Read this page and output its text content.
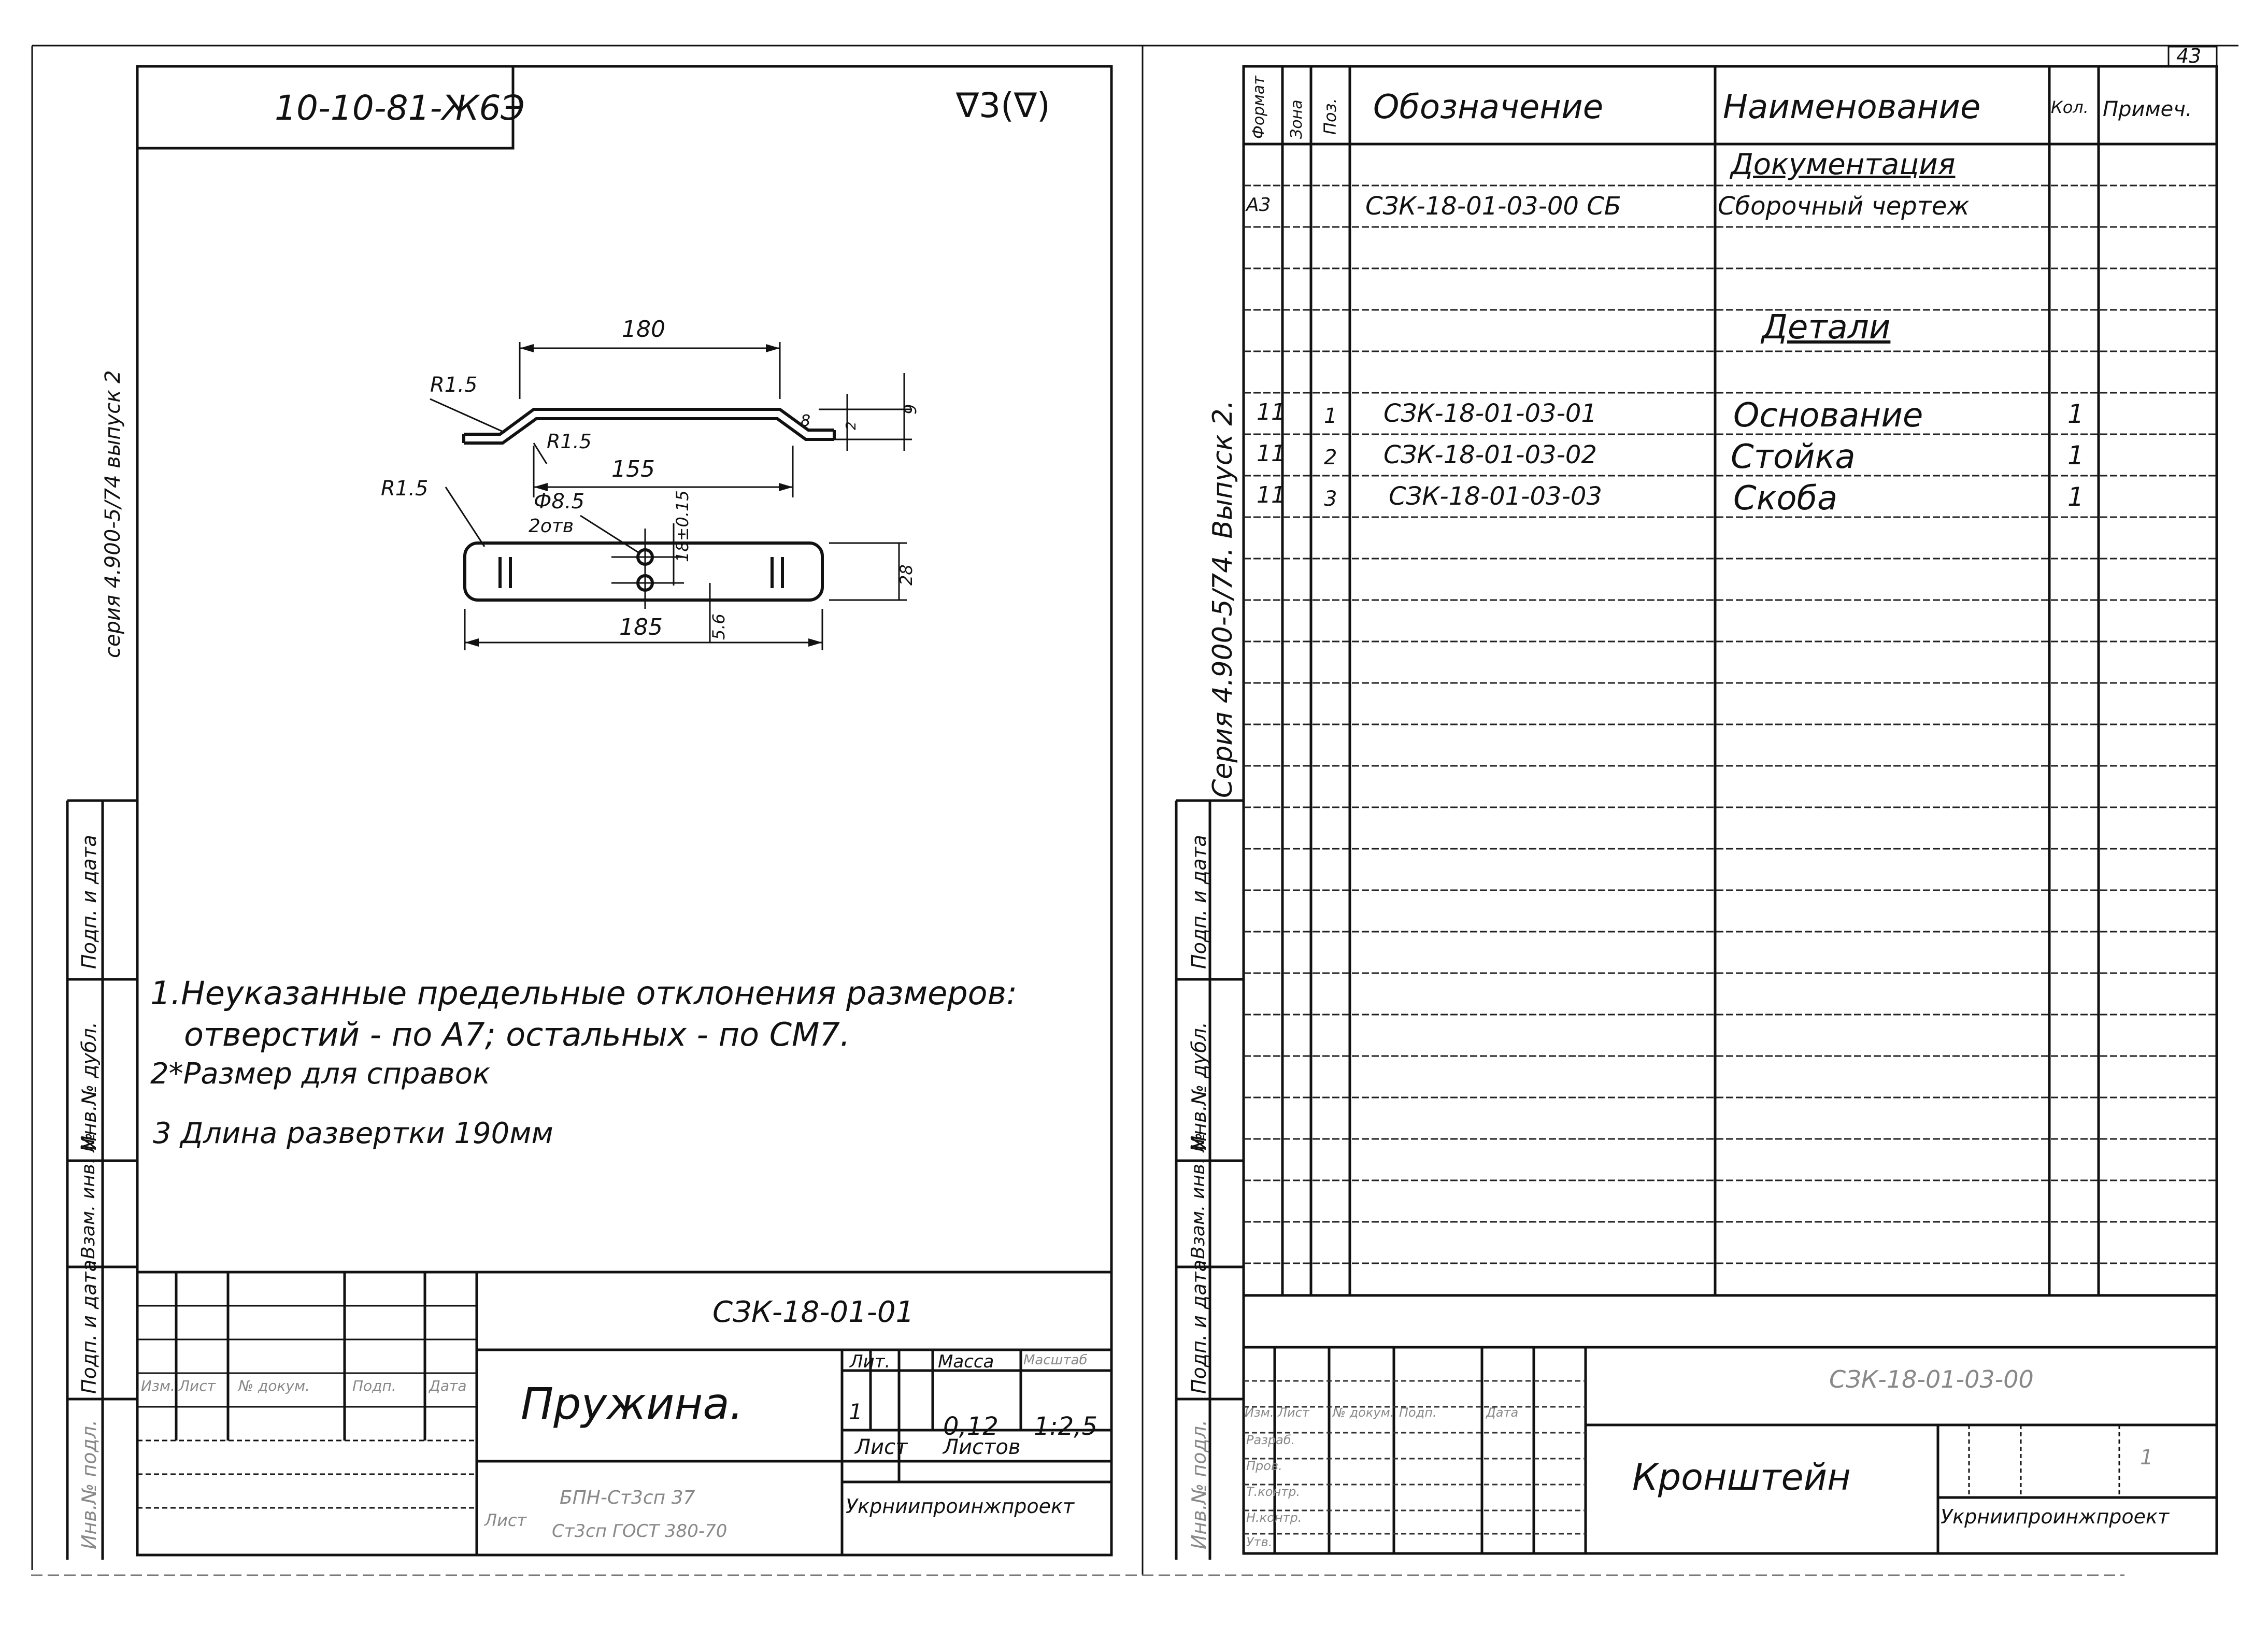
43
10-10-81-Ж6Э	∇3(∇)
серия 4.900-5/74 выпуск 2
Подп. и дата
Инв.№ дубл.
Взам. инв. №
Подп. и дата
Инв.№ подл.
180
155
185
R1.5
R1.5
R1.5
Ф8.5
2отв	18±0.15
9
28
5.6
2
8
1.Неуказанные предельные отклонения размеров:
отверстий - по A7; остальных - по CM7.
2*Размер для справок
3 Длина развертки 190мм
СЗК-18-01-01
Пружина.
Лит.	Масса Масштаб
1
0,12 1:2,5
Лист Листов
Укрниипроинжпроект
Лист
БПН-Ст3сп 37
Ст3сп ГОСТ 380-70
Лист № докум.	Подп. Дата
Изм.
Серия 4.900-5/74. Выпуск 2.
Подп. и дата
Инв.№ дубл.
Взам. инв. №
Подп. и дата
Инв.№ подл.
Формат Зона Поз. Обозначение	Наименование	Кол. Примеч.
Документация
А3	СЗК-18-01-03-00 СБ	Сборочный чертеж
Детали
11 1 СЗК-18-01-03-01	Основание	1
11 2 СЗК-18-01-03-02	Стойка	1
11 3 СЗК-18-01-03-03	Скоба	1
СЗК-18-01-03-00
Кронштейн
Укрниипроинжпроект
1
Изм. Лист № докум. Подп.	Дата
Разраб.
Пров.
Т.контр.
Н.контр.
Утв.
